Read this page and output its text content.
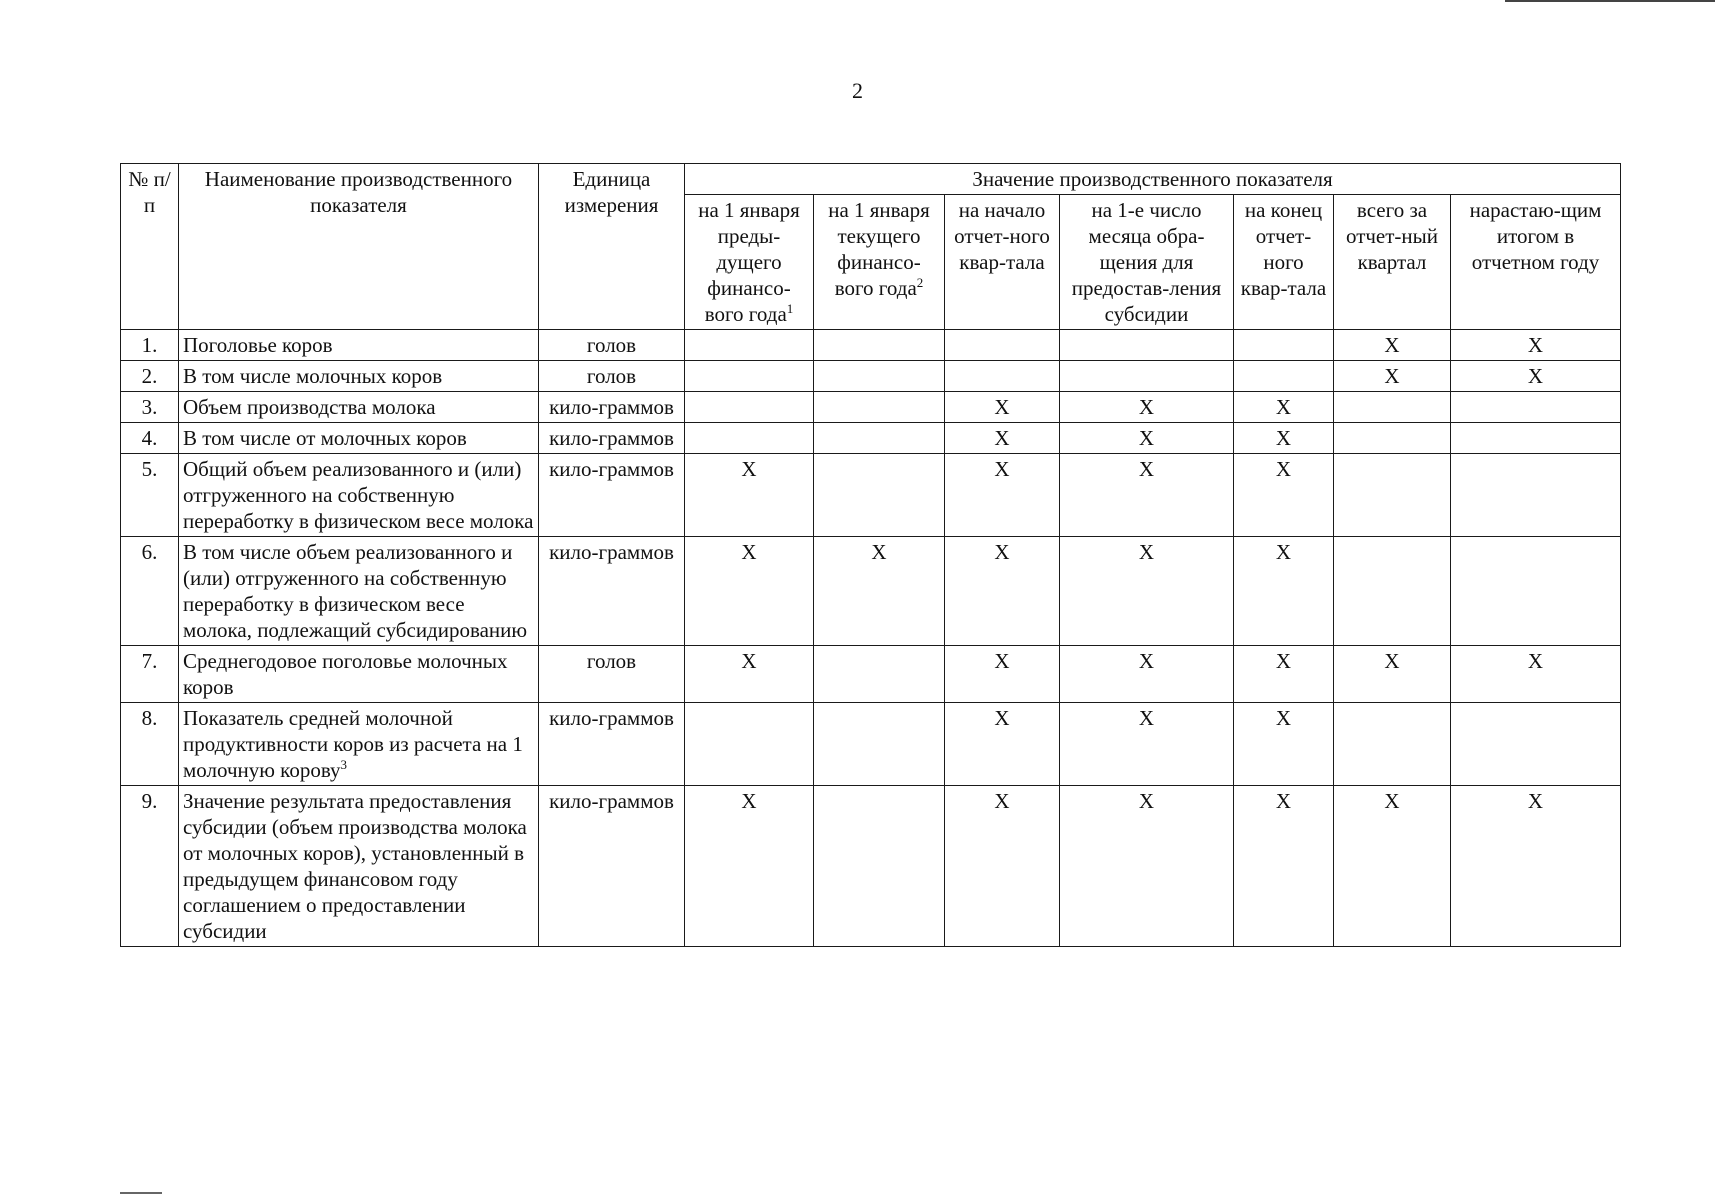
2
№ п/п	Наименование производственного показателя	Единица измерения	Значение производственного показателя						
			на 1 января преды-дущего финансо-вого года$^1$	на 1 января текущего финансо-вого года$^2$	на начало отчет-ного квар-тала	на 1-е число месяца обра-щения для предостав-ления субсидии	на конец отчет-ного квар-тала	всего за отчет-ный квартал	нарастаю-щим итогом в отчетном году
1.	Поголовье коров	голов						X	X
2.	В том числе молочных коров	голов						X	X
3.	Объем производства молока	кило-граммов			X	X	X		
4.	В том числе от молочных коров	кило-граммов			X	X	X		
5.	Общий объем реализованного и (или) отгруженного на собственную переработку в физическом весе молока	кило-граммов	X		X	X	X		
6.	В том числе объем реализованного и (или) отгруженного на собственную переработку в физическом весе молока, подлежащий субсидированию	кило-граммов	X	X	X	X	X		
7.	Среднегодовое поголовье молочных коров	голов	X		X	X	X	X	X
8.	Показатель средней молочной продуктивности коров из расчета на 1 молочную корову$^3$	кило-граммов			X	X	X		
9.	Значение результата предоставления субсидии (объем производства молока от молочных коров), установленный в предыдущем финансовом году соглашением о предоставлении субсидии	кило-граммов	X		X	X	X	X	X
